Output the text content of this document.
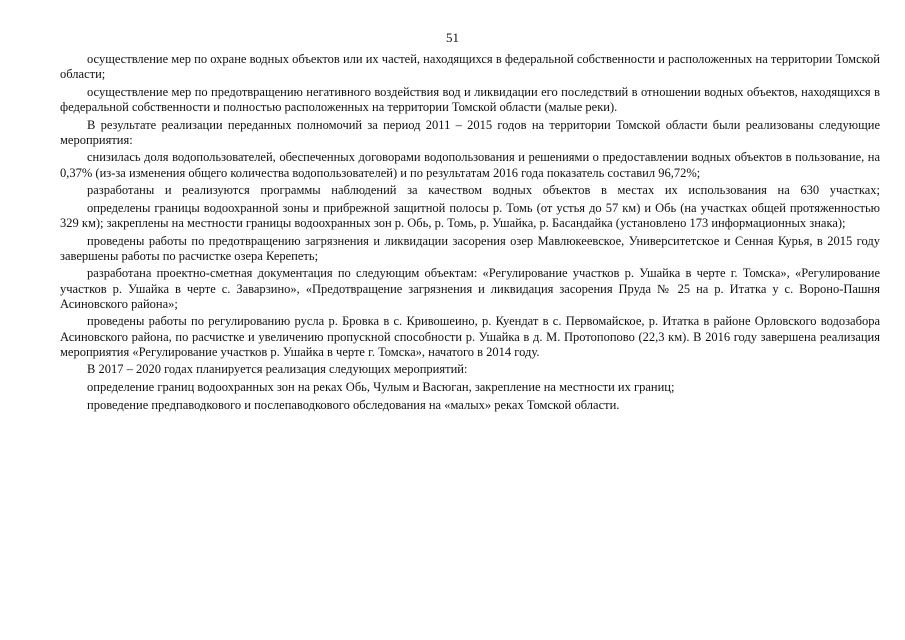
51

осуществление мер по охране водных объектов или их частей, находящихся в федеральной собственности и расположенных на территории Томской области;

осуществление мер по предотвращению негативного воздействия вод и ликвидации его последствий в отношении водных объектов, находящихся в федеральной собственности и полностью расположенных на территории Томской области (малые реки).

В результате реализации переданных полномочий за период 2011 – 2015 годов на территории Томской области были реализованы следующие мероприятия:

снизилась доля водопользователей, обеспеченных договорами водопользования и решениями о предоставлении водных объектов в пользование, на 0,37% (из-за изменения общего количества водопользователей) и по результатам 2016 года показатель составил 96,72%;

разработаны и реализуются программы наблюдений за качеством водных объектов в местах их использования на 630 участках;

определены границы водоохранной зоны и прибрежной защитной полосы р. Томь (от устья до 57 км) и Обь (на участках общей протяженностью 329 км); закреплены на местности границы водоохранных зон р. Обь, р. Томь, р. Ушайка, р. Басандайка (установлено 173 информационных знака);

проведены работы по предотвращению загрязнения и ликвидации засорения озер Мавлюкеевское, Университетское и Сенная Курья, в 2015 году завершены работы по расчистке озера Керепеть;

разработана проектно-сметная документация по следующим объектам: «Регулирование участков р. Ушайка в черте г. Томска», «Регулирование участков р. Ушайка в черте с. Заварзино», «Предотвращение загрязнения и ликвидация засорения Пруда № 25 на р. Итатка у с. Вороно-Пашня Асиновского района»;

проведены работы по регулированию русла р. Бровка в с. Кривошеино, р. Куендат в с. Первомайское, р. Итатка в районе Орловского водозабора Асиновского района, по расчистке и увеличению пропускной способности р. Ушайка в д. М. Протопопово (22,3 км). В 2016 году завершена реализация мероприятия «Регулирование участков р. Ушайка в черте г. Томска», начатого в 2014 году.

В 2017 – 2020 годах планируется реализация следующих мероприятий:

определение границ водоохранных зон на реках Обь, Чулым и Васюган, закрепление на местности их границ;

проведение предпаводкового и послепаводкового обследования на «малых» реках Томской области.
